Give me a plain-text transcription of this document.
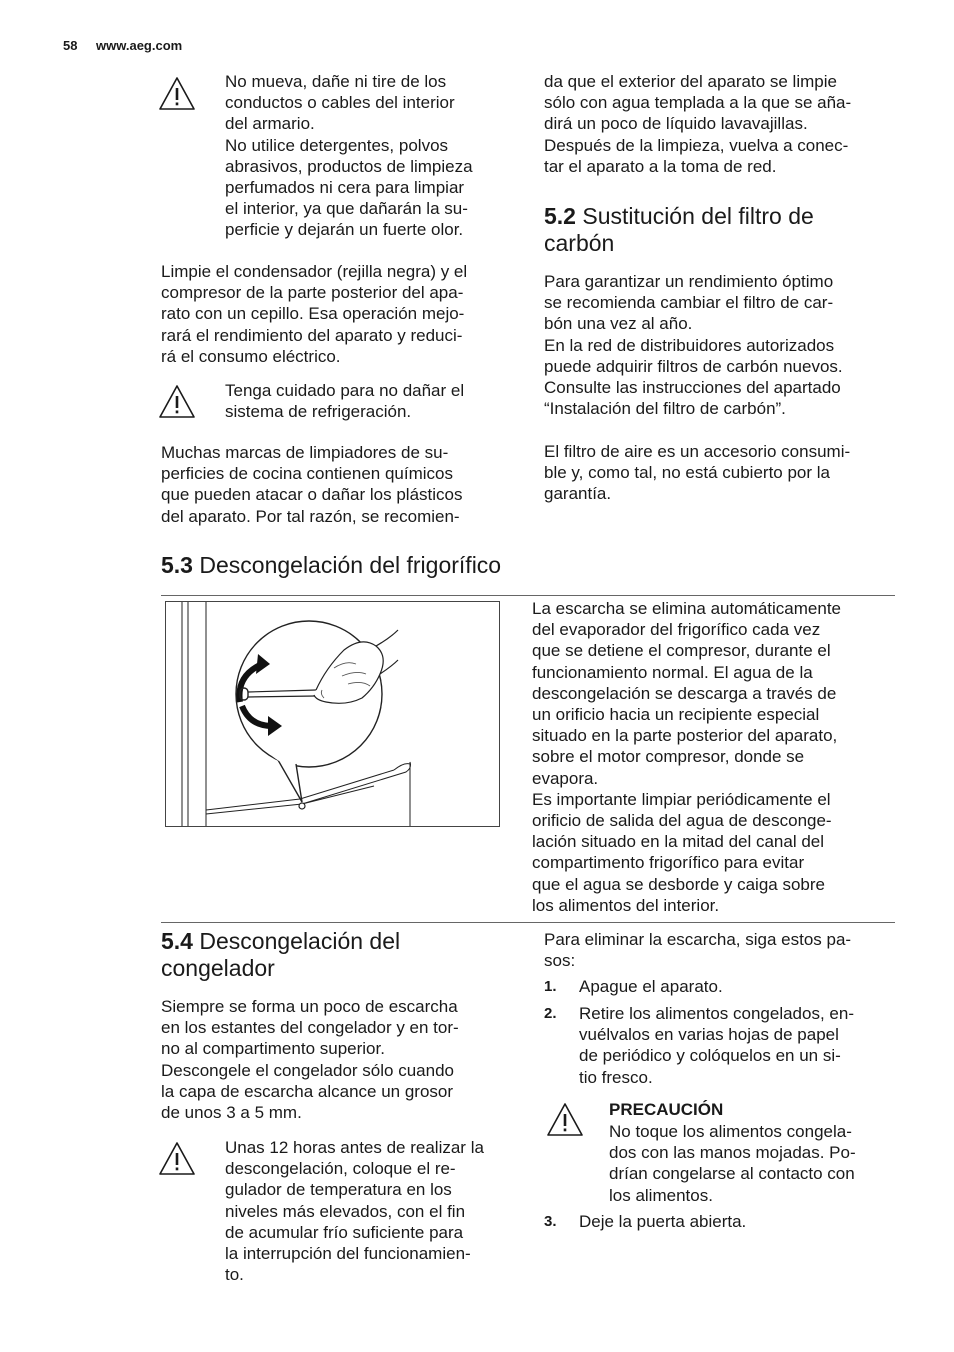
58 www.aeg.com
No mueva, dañe ni tire de los
conductos o cables del interior
del armario.
No utilice detergentes, polvos
abrasivos, productos de limpieza
perfumados ni cera para limpiar
el interior, ya que dañarán la su-
perficie y dejarán un fuerte olor.
Limpie el condensador (rejilla negra) y el
compresor de la parte posterior del apa-
rato con un cepillo. Esa operación mejo-
rará el rendimiento del aparato y reduci-
rá el consumo eléctrico.
Tenga cuidado para no dañar el
sistema de refrigeración.
Muchas marcas de limpiadores de su-
perficies de cocina contienen químicos
que pueden atacar o dañar los plásticos
del aparato. Por tal razón, se recomien-
da que el exterior del aparato se limpie
sólo con agua templada a la que se aña-
dirá un poco de líquido lavavajillas.
Después de la limpieza, vuelva a conec-
tar el aparato a la toma de red.
5.2 Sustitución del filtro de
carbón
Para garantizar un rendimiento óptimo
se recomienda cambiar el filtro de car-
bón una vez al año.
En la red de distribuidores autorizados
puede adquirir filtros de carbón nuevos.
Consulte las instrucciones del apartado
“Instalación del filtro de carbón”.
El filtro de aire es un accesorio consumi-
ble y, como tal, no está cubierto por la
garantía.
5.3 Descongelación del frigorífico
La escarcha se elimina automáticamente
del evaporador del frigorífico cada vez
que se detiene el compresor, durante el
funcionamiento normal. El agua de la
descongelación se descarga a través de
un orificio hacia un recipiente especial
situado en la parte posterior del aparato,
sobre el motor compresor, donde se
evapora.
Es importante limpiar periódicamente el
orificio de salida del agua de desconge-
lación situado en la mitad del canal del
compartimento frigorífico para evitar
que el agua se desborde y caiga sobre
los alimentos del interior.
5.4 Descongelación del
congelador
Siempre se forma un poco de escarcha
en los estantes del congelador y en tor-
no al compartimento superior.
Descongele el congelador sólo cuando
la capa de escarcha alcance un grosor
de unos 3 a 5 mm.
Unas 12 horas antes de realizar la
descongelación, coloque el re-
gulador de temperatura en los
niveles más elevados, con el fin
de acumular frío suficiente para
la interrupción del funcionamien-
to.
Para eliminar la escarcha, siga estos pa-
sos:
1. Apague el aparato.
2. Retire los alimentos congelados, en-
vuélvalos en varias hojas de papel
de periódico y colóquelos en un si-
tio fresco.
PRECAUCIÓN
No toque los alimentos congela-
dos con las manos mojadas. Po-
drían congelarse al contacto con
los alimentos.
3. Deje la puerta abierta.
